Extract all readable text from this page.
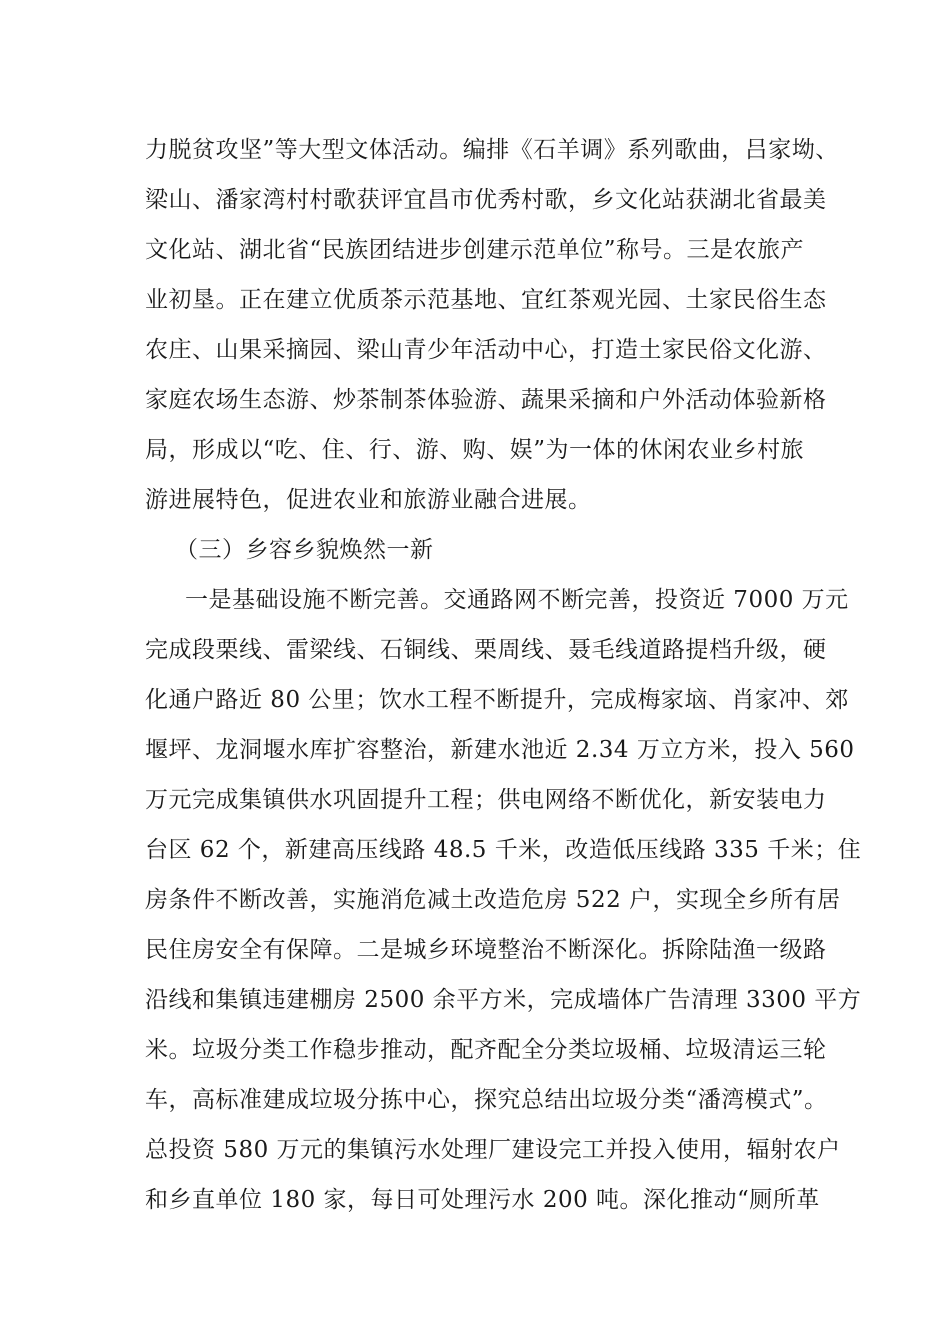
力脱贫攻坚”等大型文体活动。编排《石羊调》系列歌曲，吕家坳、
梁山、潘家湾村村歌获评宜昌市优秀村歌，乡文化站获湖北省最美
文化站、湖北省“民族团结进步创建示范单位”称号。三是农旅产
业初垦。正在建立优质茶示范基地、宜红茶观光园、土家民俗生态
农庄、山果采摘园、梁山青少年活动中心，打造土家民俗文化游、
家庭农场生态游、炒茶制茶体验游、蔬果采摘和户外活动体验新格
局，形成以“吃、住、行、游、购、娱”为一体的休闲农业乡村旅
游进展特色，促进农业和旅游业融合进展。
（三）乡容乡貌焕然一新
一是基础设施不断完善。交通路网不断完善，投资近 7000 万元
完成段栗线、雷梁线、石铜线、栗周线、聂毛线道路提档升级，硬
化通户路近 80 公里；饮水工程不断提升，完成梅家垴、肖家冲、郊
堰坪、龙洞堰水库扩容整治，新建水池近 2.34 万立方米，投入 560
万元完成集镇供水巩固提升工程；供电网络不断优化，新安装电力
台区 62 个，新建高压线路 48.5 千米，改造低压线路 335 千米；住
房条件不断改善，实施消危减土改造危房 522 户，实现全乡所有居
民住房安全有保障。二是城乡环境整治不断深化。拆除陆渔一级路
沿线和集镇违建棚房 2500 余平方米，完成墙体广告清理 3300 平方
米。垃圾分类工作稳步推动，配齐配全分类垃圾桶、垃圾清运三轮
车，高标准建成垃圾分拣中心，探究总结出垃圾分类“潘湾模式”。
总投资 580 万元的集镇污水处理厂建设完工并投入使用，辐射农户
和乡直单位 180 家，每日可处理污水 200 吨。深化推动“厕所革
